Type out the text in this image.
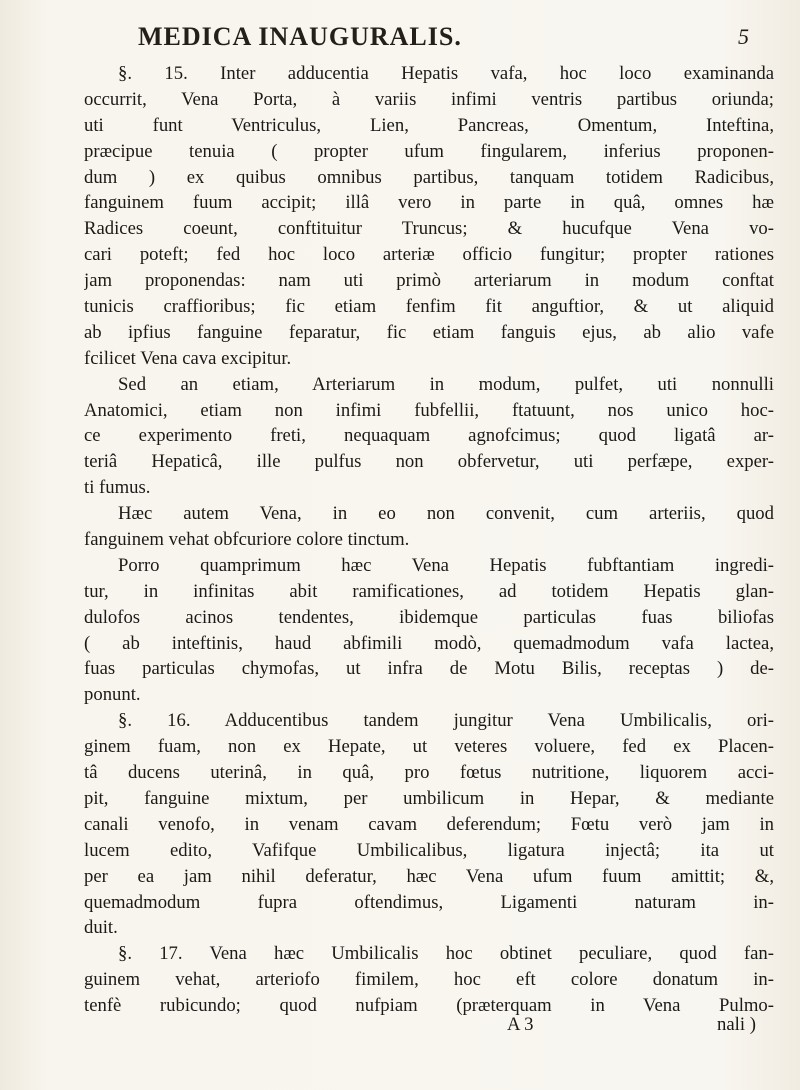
MEDICA INAUGURALIS.	5
§. 15. Inter adducentia Hepatis vafa, hoc loco examinanda
occurrit, Vena Porta, à variis infimi ventris partibus oriunda;
uti funt Ventriculus, Lien, Pancreas, Omentum, Inteftina,
præcipue tenuia ( propter ufum fingularem, inferius proponen-
dum ) ex quibus omnibus partibus, tanquam totidem Radicibus,
fanguinem fuum accipit; illâ vero in parte in quâ, omnes hæ
Radices coeunt, conftituitur Truncus; & hucufque Vena vo-
cari poteft; fed hoc loco arteriæ officio fungitur; propter rationes
jam proponendas: nam uti primò arteriarum in modum conftat
tunicis craffioribus; fic etiam fenfim fit anguftior, & ut aliquid
ab ipfius fanguine feparatur, fic etiam fanguis ejus, ab alio vafe
fcilicet Vena cava excipitur.
Sed an etiam, Arteriarum in modum, pulfet, uti nonnulli
Anatomici, etiam non infimi fubfellii, ftatuunt, nos unico hoc-
ce experimento freti, nequaquam agnofcimus; quod ligatâ ar-
teriâ Hepaticâ, ille pulfus non obfervetur, uti perfæpe, exper-
ti fumus.
Hæc autem Vena, in eo non convenit, cum arteriis, quod
fanguinem vehat obfcuriore colore tinctum.
Porro quamprimum hæc Vena Hepatis fubftantiam ingredi-
tur, in infinitas abit ramificationes, ad totidem Hepatis glan-
dulofos acinos tendentes, ibidemque particulas fuas biliofas
( ab inteftinis, haud abfimili modò, quemadmodum vafa lactea,
fuas particulas chymofas, ut infra de Motu Bilis, receptas ) de-
ponunt.
§. 16. Adducentibus tandem jungitur Vena Umbilicalis, ori-
ginem fuam, non ex Hepate, ut veteres voluere, fed ex Placen-
tâ ducens uterinâ, in quâ, pro fœtus nutritione, liquorem acci-
pit, fanguine mixtum, per umbilicum in Hepar, & mediante
canali venofo, in venam cavam deferendum; Fœtu verò jam in
lucem edito, Vafifque Umbilicalibus, ligatura injectâ; ita ut
per ea jam nihil deferatur, hæc Vena ufum fuum amittit; &,
quemadmodum fupra oftendimus, Ligamenti naturam in-
duit.
§. 17. Vena hæc Umbilicalis hoc obtinet peculiare, quod fan-
guinem vehat, arteriofo fimilem, hoc eft colore donatum in-
tenfè rubicundo; quod nufpiam (præterquam in Vena Pulmo-
A 3	nali )
